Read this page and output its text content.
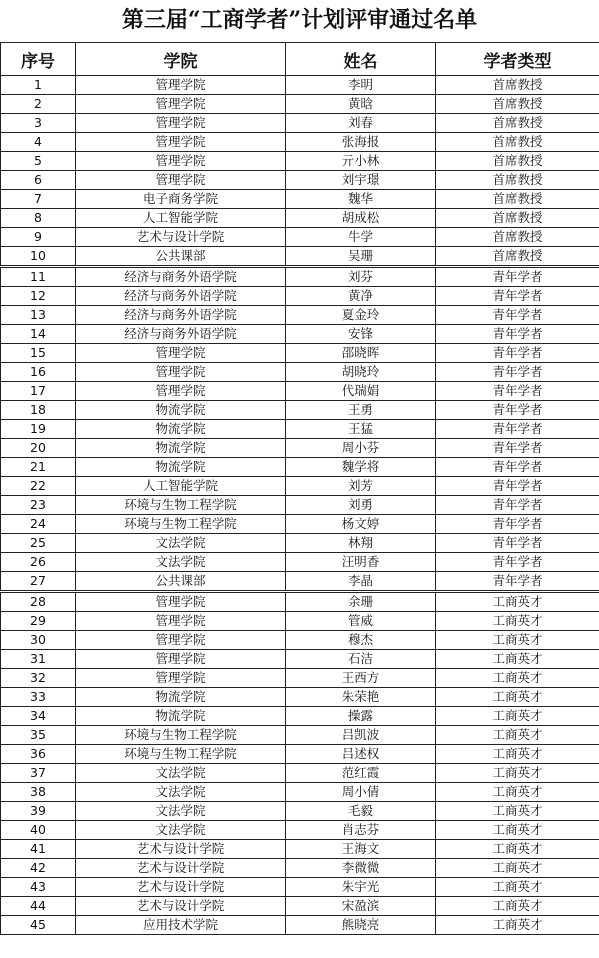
第三届“工商学者”计划评审通过名单
序号	学院	姓名	学者类型
1	管理学院	李明	首席教授
2	管理学院	黄晗	首席教授
3	管理学院	刘春	首席教授
4	管理学院	张海报	首席教授
5	管理学院	亓小林	首席教授
6	管理学院	刘宇璟	首席教授
7	电子商务学院	魏华	首席教授
8	人工智能学院	胡成松	首席教授
9	艺术与设计学院	牛学	首席教授
10	公共课部	吴珊	首席教授
11	经济与商务外语学院	刘芬	青年学者
12	经济与商务外语学院	黄净	青年学者
13	经济与商务外语学院	夏金玲	青年学者
14	经济与商务外语学院	安锋	青年学者
15	管理学院	邵晓晖	青年学者
16	管理学院	胡晓玲	青年学者
17	管理学院	代瑞娟	青年学者
18	物流学院	王勇	青年学者
19	物流学院	王猛	青年学者
20	物流学院	周小芬	青年学者
21	物流学院	魏学将	青年学者
22	人工智能学院	刘芳	青年学者
23	环境与生物工程学院	刘勇	青年学者
24	环境与生物工程学院	杨文婷	青年学者
25	文法学院	林翔	青年学者
26	文法学院	汪明香	青年学者
27	公共课部	李晶	青年学者
28	管理学院	余珊	工商英才
29	管理学院	管威	工商英才
30	管理学院	穆杰	工商英才
31	管理学院	石洁	工商英才
32	管理学院	王西方	工商英才
33	物流学院	朱荣艳	工商英才
34	物流学院	操露	工商英才
35	环境与生物工程学院	吕凯波	工商英才
36	环境与生物工程学院	吕述权	工商英才
37	文法学院	范红霞	工商英才
38	文法学院	周小倩	工商英才
39	文法学院	毛毅	工商英才
40	文法学院	肖志芬	工商英才
41	艺术与设计学院	王海文	工商英才
42	艺术与设计学院	李微微	工商英才
43	艺术与设计学院	朱宇光	工商英才
44	艺术与设计学院	宋盈滨	工商英才
45	应用技术学院	熊晓亮	工商英才
